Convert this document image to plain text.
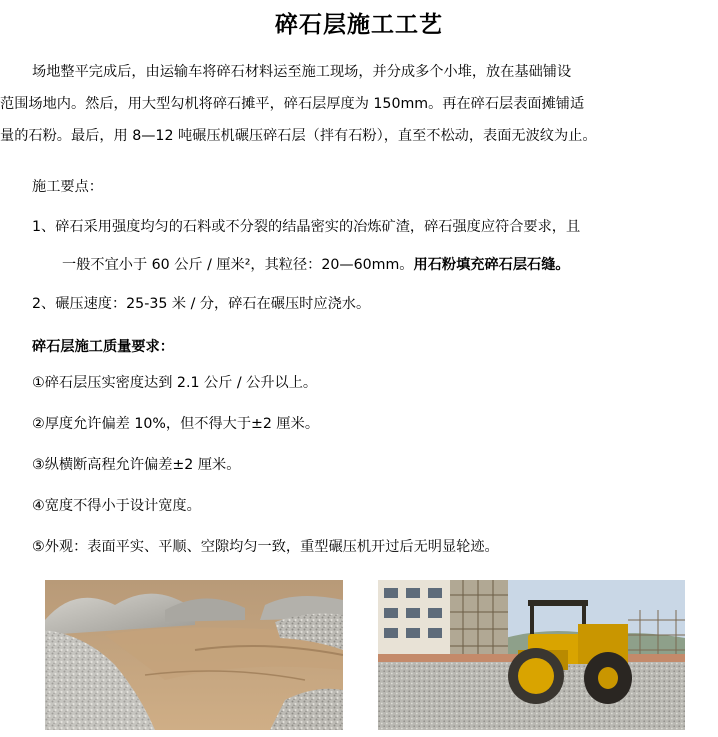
碎石层施工工艺
场地整平完成后，由运输车将碎石材料运至施工现场，并分成多个小堆，放在基础铺设
范围场地内。然后，用大型勾机将碎石摊平，碎石层厚度为 150mm。再在碎石层表面摊铺适
量的石粉。最后，用 8—12 吨碾压机碾压碎石层（拌有石粉），直至不松动，表面无波纹为止。
施工要点：
1、碎石采用强度均匀的石料或不分裂的结晶密实的冶炼矿渣，碎石强度应符合要求，且
一般不宜小于 60 公斤 / 厘米²，其粒径：20—60mm。用石粉填充碎石层石缝。
2、碾压速度：25-35 米 / 分，碎石在碾压时应浇水。
碎石层施工质量要求：
①碎石层压实密度达到 2.1 公斤 / 公升以上。
②厚度允许偏差 10%，但不得大于±2 厘米。
③纵横断高程允许偏差±2 厘米。
④宽度不得小于设计宽度。
⑤外观：表面平实、平顺、空隙均匀一致，重型碾压机开过后无明显轮迹。
